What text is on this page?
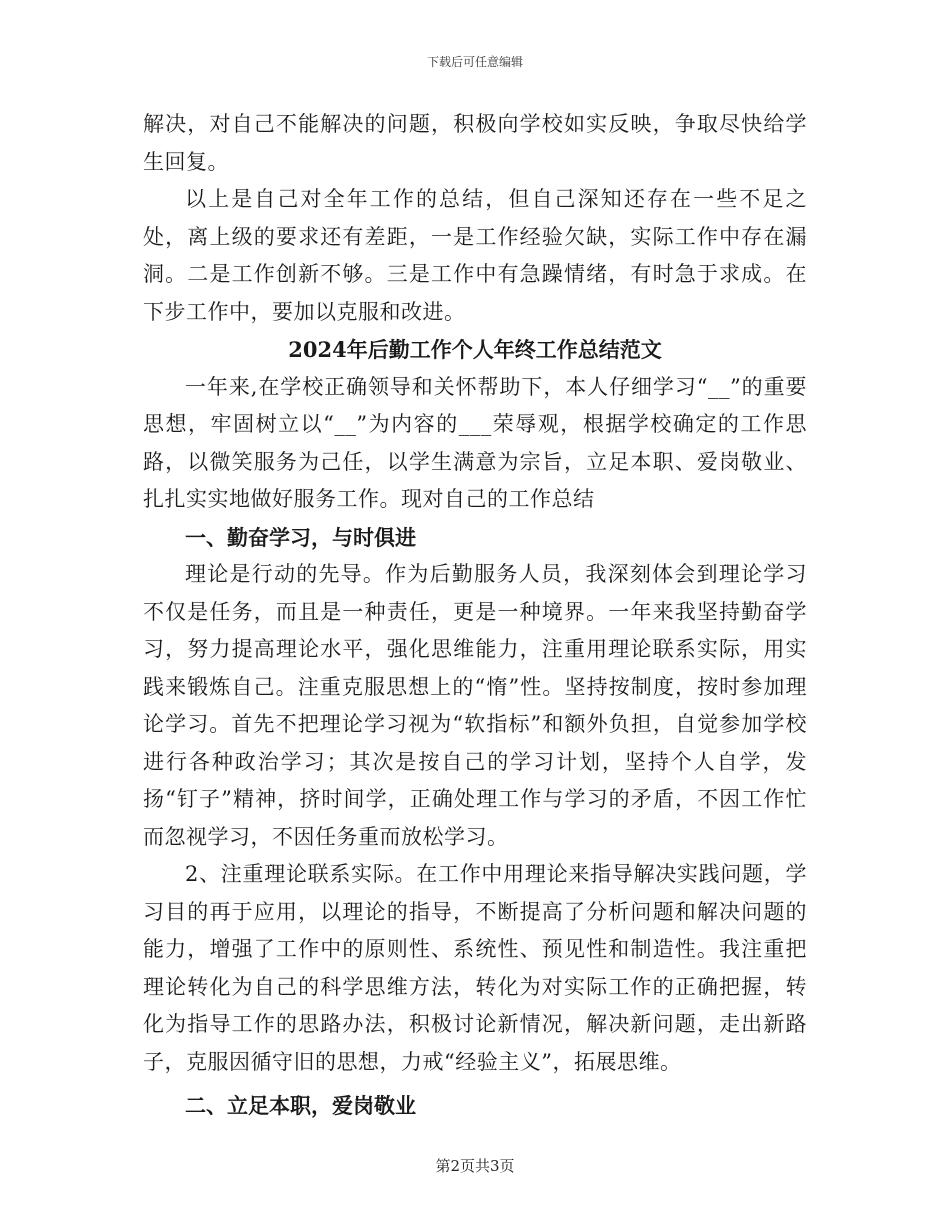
下载后可任意编辑

解决，对自己不能解决的问题，积极向学校如实反映，争取尽快给学生回复。

以上是自己对全年工作的总结，但自己深知还存在一些不足之处，离上级的要求还有差距，一是工作经验欠缺，实际工作中存在漏洞。二是工作创新不够。三是工作中有急躁情绪，有时急于求成。在下步工作中，要加以克服和改进。

2024年后勤工作个人年终工作总结范文

一年来,在学校正确领导和关怀帮助下，本人仔细学习“__”的重要思想，牢固树立以“__”为内容的___荣辱观，根据学校确定的工作思路，以微笑服务为己任，以学生满意为宗旨，立足本职、爱岗敬业、扎扎实实地做好服务工作。现对自己的工作总结

一、勤奋学习，与时俱进

理论是行动的先导。作为后勤服务人员，我深刻体会到理论学习不仅是任务，而且是一种责任，更是一种境界。一年来我坚持勤奋学习，努力提高理论水平，强化思维能力，注重用理论联系实际，用实践来锻炼自己。注重克服思想上的“惰”性。坚持按制度，按时参加理论学习。首先不把理论学习视为“软指标”和额外负担，自觉参加学校进行各种政治学习；其次是按自己的学习计划，坚持个人自学，发扬“钉子”精神，挤时间学，正确处理工作与学习的矛盾，不因工作忙而忽视学习，不因任务重而放松学习。

2、注重理论联系实际。在工作中用理论来指导解决实践问题，学习目的再于应用，以理论的指导，不断提高了分析问题和解决问题的能力，增强了工作中的原则性、系统性、预见性和制造性。我注重把理论转化为自己的科学思维方法，转化为对实际工作的正确把握，转化为指导工作的思路办法，积极讨论新情况，解决新问题，走出新路子，克服因循守旧的思想，力戒“经验主义”，拓展思维。

二、立足本职，爱岗敬业

第2页共3页
